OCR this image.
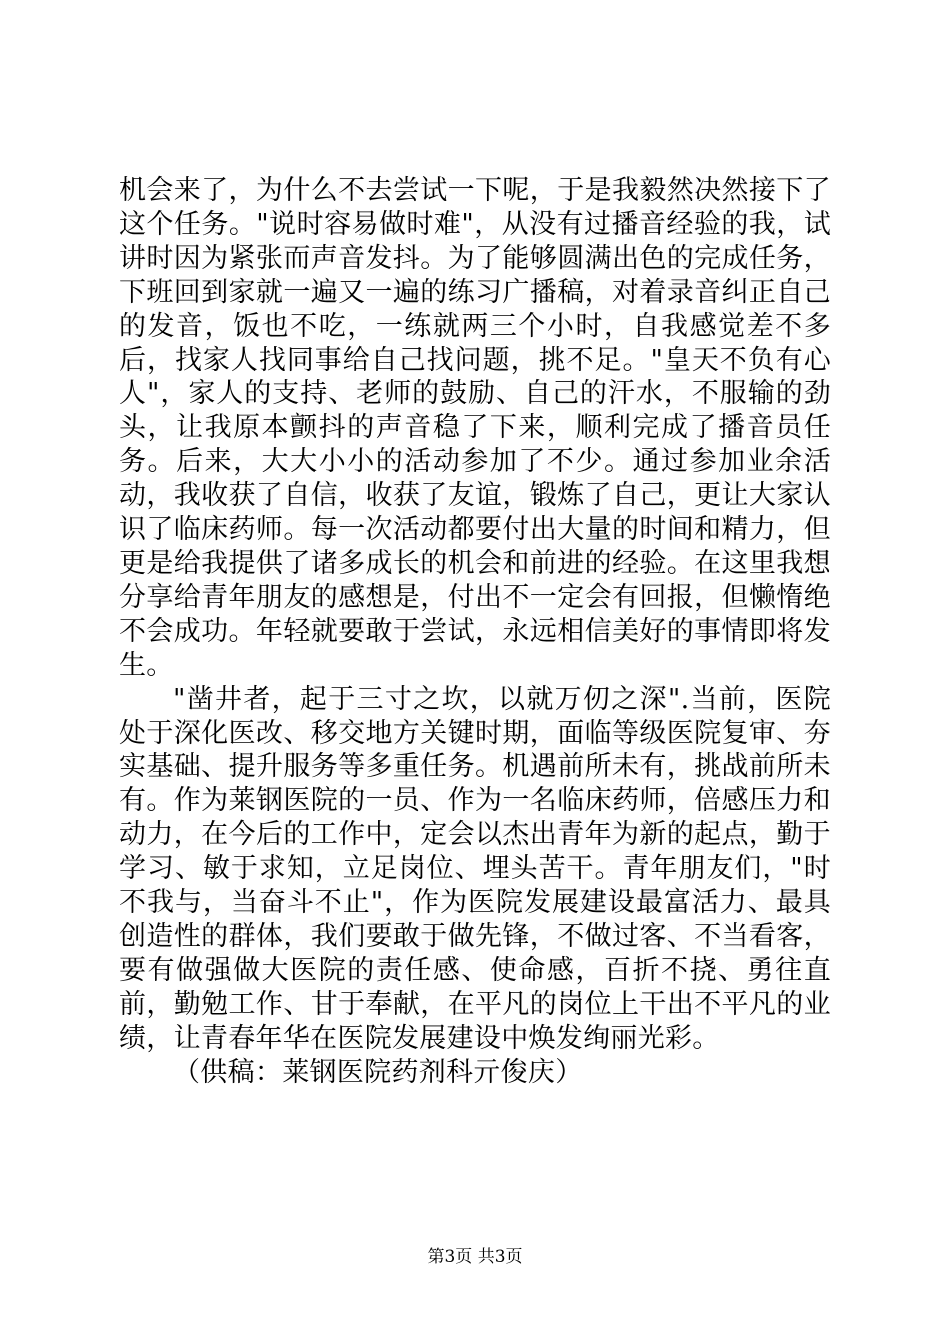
机会来了，为什么不去尝试一下呢，于是我毅然决然接下了这个任务。"说时容易做时难"，从没有过播音经验的我，试讲时因为紧张而声音发抖。为了能够圆满出色的完成任务，下班回到家就一遍又一遍的练习广播稿，对着录音纠正自己的发音，饭也不吃，一练就两三个小时，自我感觉差不多后，找家人找同事给自己找问题，挑不足。"皇天不负有心人"，家人的支持、老师的鼓励、自己的汗水，不服输的劲头，让我原本颤抖的声音稳了下来，顺利完成了播音员任务。后来，大大小小的活动参加了不少。通过参加业余活动，我收获了自信，收获了友谊，锻炼了自己，更让大家认识了临床药师。每一次活动都要付出大量的时间和精力，但更是给我提供了诸多成长的机会和前进的经验。在这里我想分享给青年朋友的感想是，付出不一定会有回报，但懒惰绝不会成功。年轻就要敢于尝试，永远相信美好的事情即将发生。

"凿井者，起于三寸之坎，以就万仞之深".当前，医院处于深化医改、移交地方关键时期，面临等级医院复审、夯实基础、提升服务等多重任务。机遇前所未有，挑战前所未有。作为莱钢医院的一员、作为一名临床药师，倍感压力和动力，在今后的工作中，定会以杰出青年为新的起点，勤于学习、敏于求知，立足岗位、埋头苦干。青年朋友们，"时不我与，当奋斗不止"，作为医院发展建设最富活力、最具创造性的群体，我们要敢于做先锋，不做过客、不当看客，要有做强做大医院的责任感、使命感，百折不挠、勇往直前，勤勉工作、甘于奉献，在平凡的岗位上干出不平凡的业绩，让青春年华在医院发展建设中焕发绚丽光彩。

（供稿：莱钢医院药剂科亓俊庆）

第3页 共3页
